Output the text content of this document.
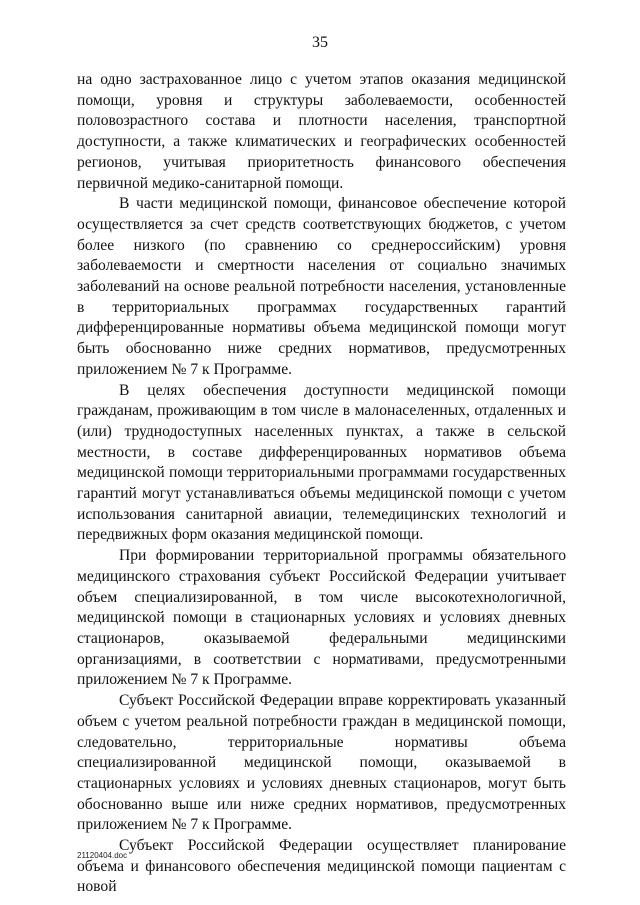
35

на одно застрахованное лицо с учетом этапов оказания медицинской помощи, уровня и структуры заболеваемости, особенностей половозрастного состава и плотности населения, транспортной доступности, а также климатических и географических особенностей регионов, учитывая приоритетность финансового обеспечения первичной медико-санитарной помощи.

В части медицинской помощи, финансовое обеспечение которой осуществляется за счет средств соответствующих бюджетов, с учетом более низкого (по сравнению со среднероссийским) уровня заболеваемости и смертности населения от социально значимых заболеваний на основе реальной потребности населения, установленные в территориальных программах государственных гарантий дифференцированные нормативы объема медицинской помощи могут быть обоснованно ниже средних нормативов, предусмотренных приложением № 7 к Программе.

В целях обеспечения доступности медицинской помощи гражданам, проживающим в том числе в малонаселенных, отдаленных и (или) труднодоступных населенных пунктах, а также в сельской местности, в составе дифференцированных нормативов объема медицинской помощи территориальными программами государственных гарантий могут устанавливаться объемы медицинской помощи с учетом использования санитарной авиации, телемедицинских технологий и передвижных форм оказания медицинской помощи.

При формировании территориальной программы обязательного медицинского страхования субъект Российской Федерации учитывает объем специализированной, в том числе высокотехнологичной, медицинской помощи в стационарных условиях и условиях дневных стационаров, оказываемой федеральными медицинскими организациями, в соответствии с нормативами, предусмотренными приложением № 7 к Программе.

Субъект Российской Федерации вправе корректировать указанный объем с учетом реальной потребности граждан в медицинской помощи, следовательно, территориальные нормативы объема специализированной медицинской помощи, оказываемой в стационарных условиях и условиях дневных стационаров, могут быть обоснованно выше или ниже средних нормативов, предусмотренных приложением № 7 к Программе.

Субъект Российской Федерации осуществляет планирование объема и финансового обеспечения медицинской помощи пациентам с новой

21120404.doc
